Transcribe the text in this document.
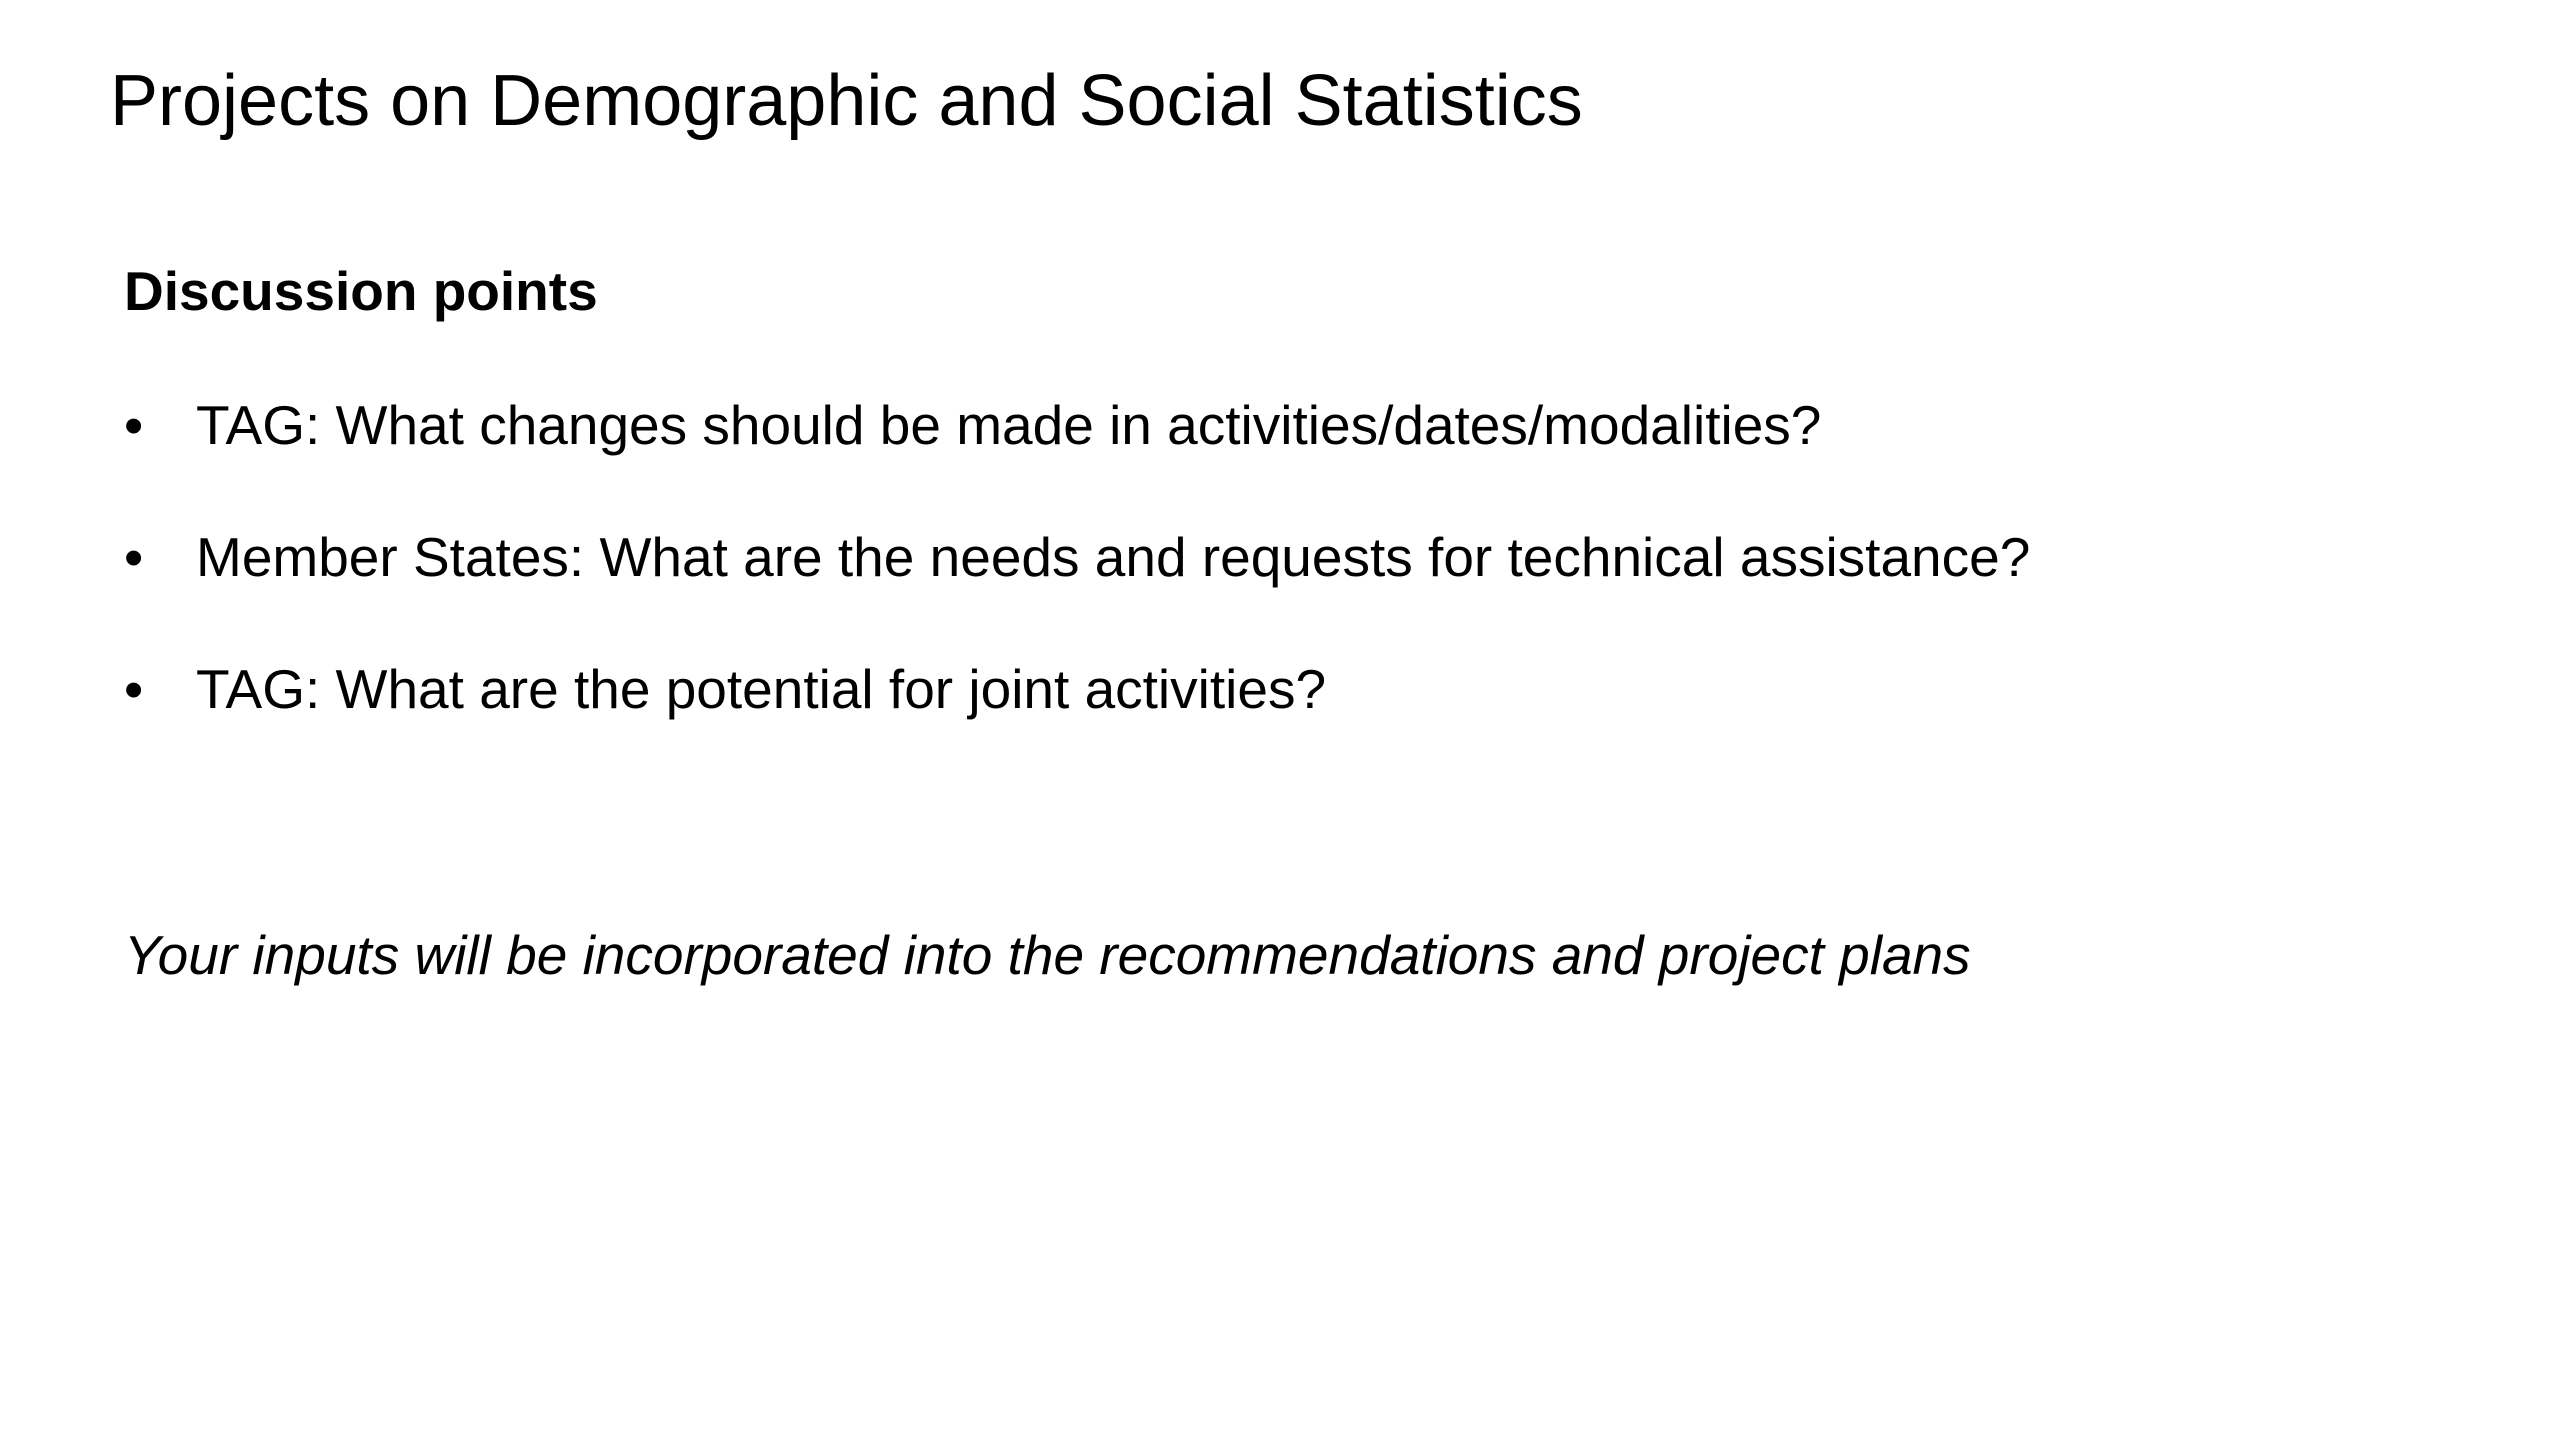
Projects on Demographic and Social Statistics
Discussion points
• TAG: What changes should be made in activities/dates/modalities?
• Member States: What are the needs and requests for technical assistance?
• TAG: What are the potential for joint activities?
Your inputs will be incorporated into the recommendations and project plans
